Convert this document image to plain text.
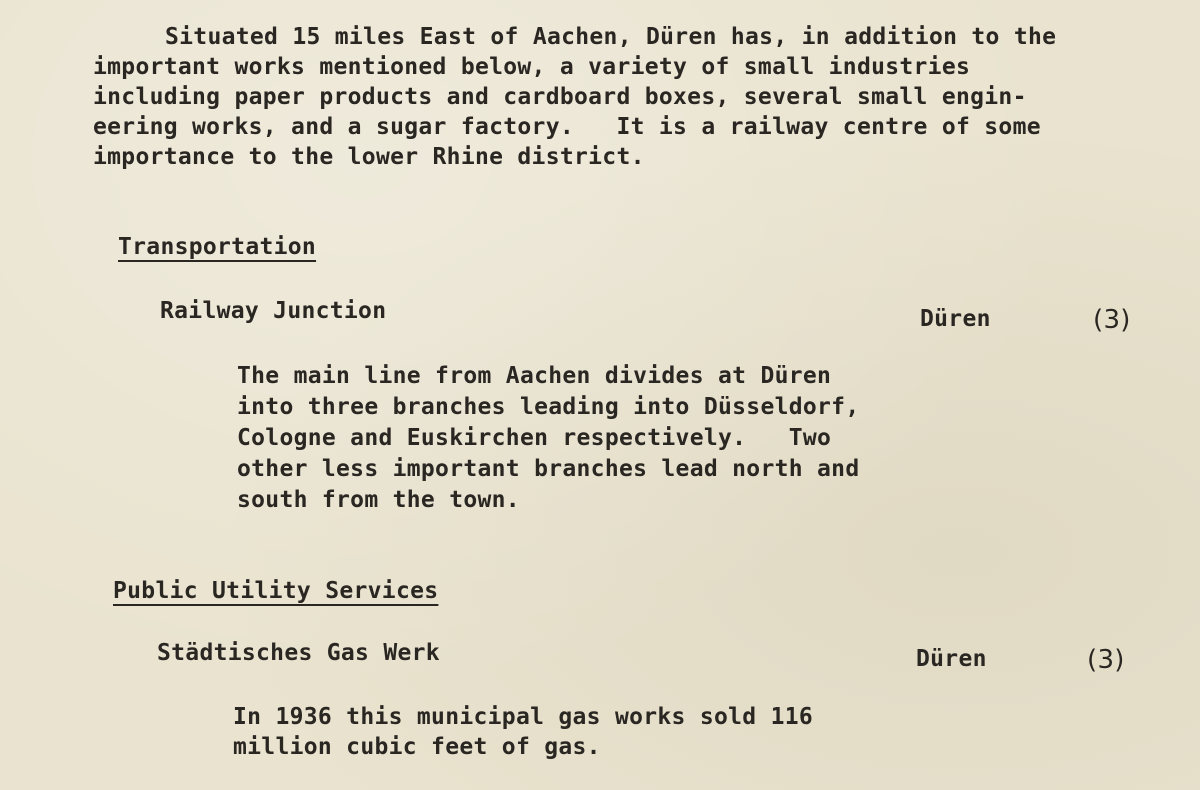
Situated 15 miles East of Aachen, Düren has, in addition to the
important works mentioned below, a variety of small industries
including paper products and cardboard boxes, several small engin-
eering works, and a sugar factory.   It is a railway centre of some
importance to the lower Rhine district.
Transportation
Railway Junction	Düren	(3)
The main line from Aachen divides at Düren
into three branches leading into Düsseldorf,
Cologne and Euskirchen respectively.   Two
other less important branches lead north and
south from the town.
Public Utility Services
Städtisches Gas Werk	Düren	(3)
In 1936 this municipal gas works sold 116
million cubic feet of gas.
